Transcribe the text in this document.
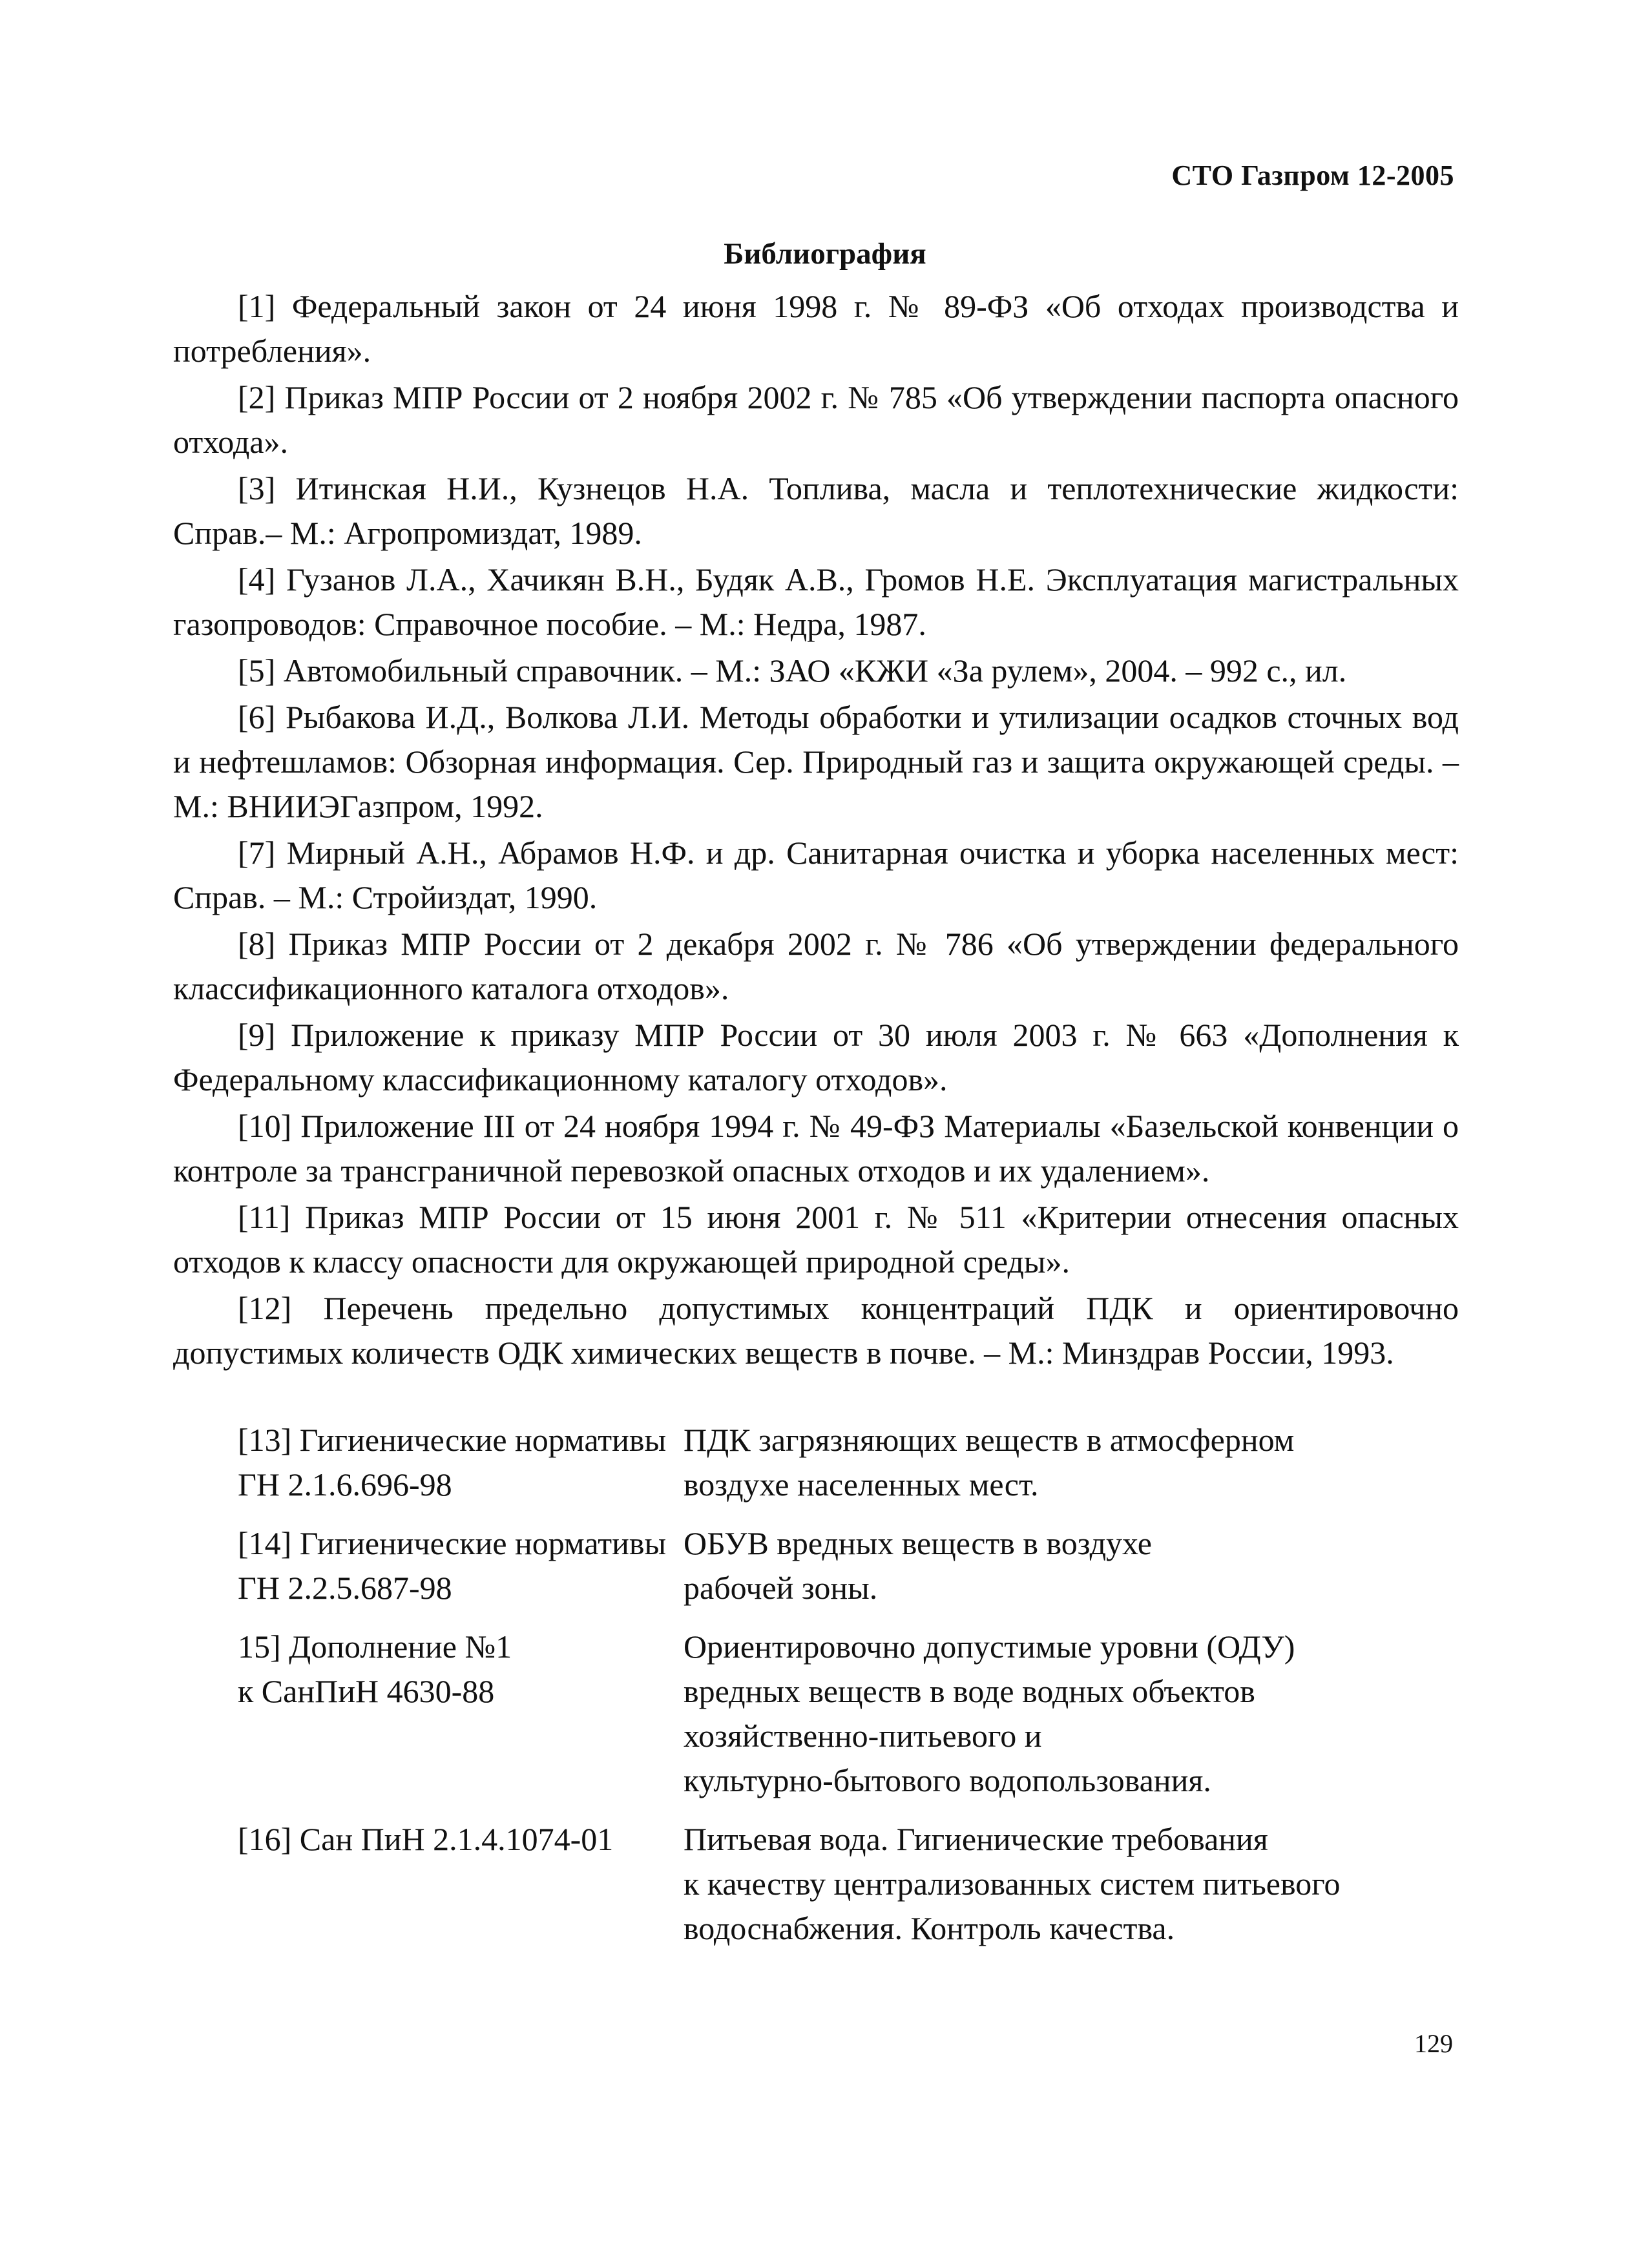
СТО Газпром 12-2005
Библиография

[1] Федеральный закон от 24 июня 1998 г. № 89-ФЗ «Об отходах производства и потребления».

[2] Приказ МПР России от 2 ноября 2002 г. № 785 «Об утверждении паспорта опасного отхода».

[3] Итинская Н.И., Кузнецов Н.А. Топлива, масла и теплотехнические жидкости: Справ.– М.: Агропромиздат, 1989.

[4] Гузанов Л.А., Хачикян В.Н., Будяк А.В., Громов Н.Е. Эксплуатация магистральных газопроводов: Справочное пособие. – М.: Недра, 1987.

[5] Автомобильный справочник. – М.: ЗАО «КЖИ «За рулем», 2004. – 992 с., ил.

[6] Рыбакова И.Д., Волкова Л.И. Методы обработки и утилизации осадков сточных вод и нефтешламов: Обзорная информация. Сер. Природный газ и защита окружающей среды. – М.: ВНИИЭГазпром, 1992.

[7] Мирный А.Н., Абрамов Н.Ф. и др. Санитарная очистка и уборка населенных мест: Справ. – М.: Стройиздат, 1990.

[8] Приказ МПР России от 2 декабря 2002 г. № 786 «Об утверждении федерального классификационного каталога отходов».

[9] Приложение к приказу МПР России от 30 июля 2003 г. № 663 «Дополнения к Федеральному классификационному каталогу отходов».

[10] Приложение III от 24 ноября 1994 г. № 49-ФЗ Материалы «Базельской конвенции о контроле за трансграничной перевозкой опасных отходов и их удалением».

[11] Приказ МПР России от 15 июня 2001 г. № 511 «Критерии отнесения опасных отходов к классу опасности для окружающей природной среды».

[12] Перечень предельно допустимых концентраций ПДК и ориентировочно допустимых количеств ОДК химических веществ в почве. – М.: Минздрав России, 1993.

[13] Гигиенические нормативы
ГН 2.1.6.696-98
ПДК загрязняющих веществ в атмосферном
воздухе населенных мест.
[14] Гигиенические нормативы
ГН 2.2.5.687-98
ОБУВ вредных веществ в воздухе
рабочей зоны.
15] Дополнение №1
к СанПиН 4630-88
Ориентировочно допустимые уровни (ОДУ)
вредных веществ в воде водных объектов
хозяйственно-питьевого и
культурно-бытового водопользования.
[16] Сан ПиН 2.1.4.1074-01	Питьевая вода. Гигиенические требования
к качеству централизованных систем питьевого
водоснабжения. Контроль качества.
129
